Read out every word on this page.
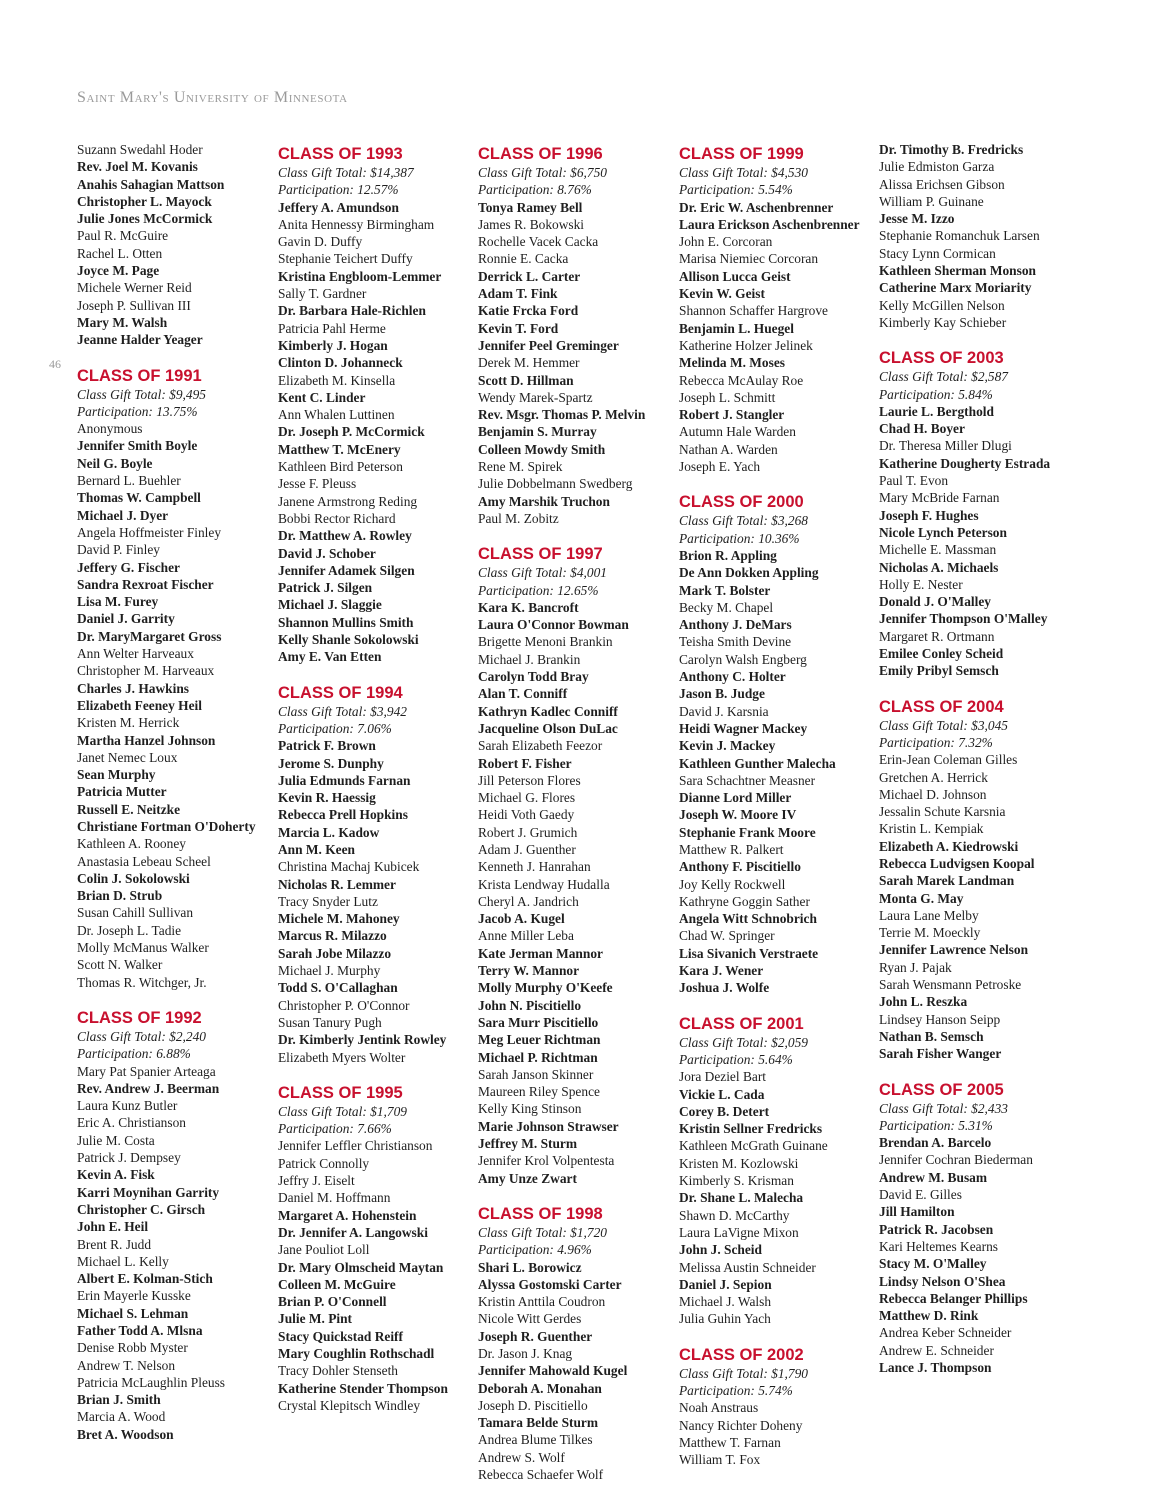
Saint Mary's University of Minnesota
46
Suzann Swedahl Hoder
Rev. Joel M. Kovanis
Anahis Sahagian Mattson
Christopher L. Mayock
Julie Jones McCormick
Paul R. McGuire
Rachel L. Otten
Joyce M. Page
Michele Werner Reid
Joseph P. Sullivan III
Mary M. Walsh
Jeanne Halder Yeager
CLASS OF 1991
Class Gift Total: $9,495
Participation: 13.75%
Anonymous
Jennifer Smith Boyle
Neil G. Boyle
Bernard L. Buehler
Thomas W. Campbell
Michael J. Dyer
Angela Hoffmeister Finley
David P. Finley
Jeffery G. Fischer
Sandra Rexroat Fischer
Lisa M. Furey
Daniel J. Garrity
Dr. MaryMargaret Gross
Ann Welter Harveaux
Christopher M. Harveaux
Charles J. Hawkins
Elizabeth Feeney Heil
Kristen M. Herrick
Martha Hanzel Johnson
Janet Nemec Loux
Sean Murphy
Patricia Mutter
Russell E. Neitzke
Christiane Fortman O'Doherty
Kathleen A. Rooney
Anastasia Lebeau Scheel
Colin J. Sokolowski
Brian D. Strub
Susan Cahill Sullivan
Dr. Joseph L. Tadie
Molly McManus Walker
Scott N. Walker
Thomas R. Witchger, Jr.
CLASS OF 1992
Class Gift Total: $2,240
Participation: 6.88%
Mary Pat Spanier Arteaga
Rev. Andrew J. Beerman
Laura Kunz Butler
Eric A. Christianson
Julie M. Costa
Patrick J. Dempsey
Kevin A. Fisk
Karri Moynihan Garrity
Christopher C. Girsch
John E. Heil
Brent R. Judd
Michael L. Kelly
Albert E. Kolman-Stich
Erin Mayerle Kusske
Michael S. Lehman
Father Todd A. Mlsna
Denise Robb Myster
Andrew T. Nelson
Patricia McLaughlin Pleuss
Brian J. Smith
Marcia A. Wood
Bret A. Woodson
CLASS OF 1993
Class Gift Total: $14,387
Participation: 12.57%
Jeffery A. Amundson
Anita Hennessy Birmingham
Gavin D. Duffy
Stephanie Teichert Duffy
Kristina Engbloom-Lemmer
Sally T. Gardner
Dr. Barbara Hale-Richlen
Patricia Pahl Herme
Kimberly J. Hogan
Clinton D. Johanneck
Elizabeth M. Kinsella
Kent C. Linder
Ann Whalen Luttinen
Dr. Joseph P. McCormick
Matthew T. McEnery
Kathleen Bird Peterson
Jesse F. Pleuss
Janene Armstrong Reding
Bobbi Rector Richard
Dr. Matthew A. Rowley
David J. Schober
Jennifer Adamek Silgen
Patrick J. Silgen
Michael J. Slaggie
Shannon Mullins Smith
Kelly Shanle Sokolowski
Amy E. Van Etten
CLASS OF 1994
Class Gift Total: $3,942
Participation: 7.06%
Patrick F. Brown
Jerome S. Dunphy
Julia Edmunds Farnan
Kevin R. Haessig
Rebecca Prell Hopkins
Marcia L. Kadow
Ann M. Keen
Christina Machaj Kubicek
Nicholas R. Lemmer
Tracy Snyder Lutz
Michele M. Mahoney
Marcus R. Milazzo
Sarah Jobe Milazzo
Michael J. Murphy
Todd S. O'Callaghan
Christopher P. O'Connor
Susan Tanury Pugh
Dr. Kimberly Jentink Rowley
Elizabeth Myers Wolter
CLASS OF 1995
Class Gift Total: $1,709
Participation: 7.66%
Jennifer Leffler Christianson
Patrick Connolly
Jeffry J. Eiselt
Daniel M. Hoffmann
Margaret A. Hohenstein
Dr. Jennifer A. Langowski
Jane Pouliot Loll
Dr. Mary Olmscheid Maytan
Colleen M. McGuire
Brian P. O'Connell
Julie M. Pint
Stacy Quickstad Reiff
Mary Coughlin Rothschadl
Tracy Dohler Stenseth
Katherine Stender Thompson
Crystal Klepitsch Windley
CLASS OF 1996
Class Gift Total: $6,750
Participation: 8.76%
Tonya Ramey Bell
James R. Bokowski
Rochelle Vacek Cacka
Ronnie E. Cacka
Derrick L. Carter
Adam T. Fink
Katie Frcka Ford
Kevin T. Ford
Jennifer Peel Greminger
Derek M. Hemmer
Scott D. Hillman
Wendy Marek-Spartz
Rev. Msgr. Thomas P. Melvin
Benjamin S. Murray
Colleen Mowdy Smith
Rene M. Spirek
Julie Dobbelmann Swedberg
Amy Marshik Truchon
Paul M. Zobitz
CLASS OF 1997
Class Gift Total: $4,001
Participation: 12.65%
Kara K. Bancroft
Laura O'Connor Bowman
Brigette Menoni Brankin
Michael J. Brankin
Carolyn Todd Bray
Alan T. Conniff
Kathryn Kadlec Conniff
Jacqueline Olson DuLac
Sarah Elizabeth Feezor
Robert F. Fisher
Jill Peterson Flores
Michael G. Flores
Heidi Voth Gaedy
Robert J. Grumich
Adam J. Guenther
Kenneth J. Hanrahan
Krista Lendway Hudalla
Cheryl A. Jandrich
Jacob A. Kugel
Anne Miller Leba
Kate Jerman Mannor
Terry W. Mannor
Molly Murphy O'Keefe
John N. Piscitiello
Sara Murr Piscitiello
Meg Leuer Richtman
Michael P. Richtman
Sarah Janson Skinner
Maureen Riley Spence
Kelly King Stinson
Marie Johnson Strawser
Jeffrey M. Sturm
Jennifer Krol Volpentesta
Amy Unze Zwart
CLASS OF 1998
Class Gift Total: $1,720
Participation: 4.96%
Shari L. Borowicz
Alyssa Gostomski Carter
Kristin Anttila Coudron
Nicole Witt Gerdes
Joseph R. Guenther
Dr. Jason J. Knag
Jennifer Mahowald Kugel
Deborah A. Monahan
Joseph D. Piscitiello
Tamara Belde Sturm
Andrea Blume Tilkes
Andrew S. Wolf
Rebecca Schaefer Wolf
CLASS OF 1999
Class Gift Total: $4,530
Participation: 5.54%
Dr. Eric W. Aschenbrenner
Laura Erickson Aschenbrenner
John E. Corcoran
Marisa Niemiec Corcoran
Allison Lucca Geist
Kevin W. Geist
Shannon Schaffer Hargrove
Benjamin L. Huegel
Katherine Holzer Jelinek
Melinda M. Moses
Rebecca McAulay Roe
Joseph L. Schmitt
Robert J. Stangler
Autumn Hale Warden
Nathan A. Warden
Joseph E. Yach
CLASS OF 2000
Class Gift Total: $3,268
Participation: 10.36%
Brion R. Appling
De Ann Dokken Appling
Mark T. Bolster
Becky M. Chapel
Anthony J. DeMars
Teisha Smith Devine
Carolyn Walsh Engberg
Anthony C. Holter
Jason B. Judge
David J. Karsnia
Heidi Wagner Mackey
Kevin J. Mackey
Kathleen Gunther Malecha
Sara Schachtner Measner
Dianne Lord Miller
Joseph W. Moore IV
Stephanie Frank Moore
Matthew R. Palkert
Anthony F. Piscitiello
Joy Kelly Rockwell
Kathryne Goggin Sather
Angela Witt Schnobrich
Chad W. Springer
Lisa Sivanich Verstraete
Kara J. Wener
Joshua J. Wolfe
CLASS OF 2001
Class Gift Total: $2,059
Participation: 5.64%
Jora Deziel Bart
Vickie L. Cada
Corey B. Detert
Kristin Sellner Fredricks
Kathleen McGrath Guinane
Kristen M. Kozlowski
Kimberly S. Krisman
Dr. Shane L. Malecha
Shawn D. McCarthy
Laura LaVigne Mixon
John J. Scheid
Melissa Austin Schneider
Daniel J. Sepion
Michael J. Walsh
Julia Guhin Yach
CLASS OF 2002
Class Gift Total: $1,790
Participation: 5.74%
Noah Anstraus
Nancy Richter Doheny
Matthew T. Farnan
William T. Fox
Dr. Timothy B. Fredricks
Julie Edmiston Garza
Alissa Erichsen Gibson
William P. Guinane
Jesse M. Izzo
Stephanie Romanchuk Larsen
Stacy Lynn Cormican
Kathleen Sherman Monson
Catherine Marx Moriarity
Kelly McGillen Nelson
Kimberly Kay Schieber
CLASS OF 2003
Class Gift Total: $2,587
Participation: 5.84%
Laurie L. Bergthold
Chad H. Boyer
Dr. Theresa Miller Dlugi
Katherine Dougherty Estrada
Paul T. Evon
Mary McBride Farnan
Joseph F. Hughes
Nicole Lynch Peterson
Michelle E. Massman
Nicholas A. Michaels
Holly E. Nester
Donald J. O'Malley
Jennifer Thompson O'Malley
Margaret R. Ortmann
Emilee Conley Scheid
Emily Pribyl Semsch
CLASS OF 2004
Class Gift Total: $3,045
Participation: 7.32%
Erin-Jean Coleman Gilles
Gretchen A. Herrick
Michael D. Johnson
Jessalin Schute Karsnia
Kristin L. Kempiak
Elizabeth A. Kiedrowski
Rebecca Ludvigsen Koopal
Sarah Marek Landman
Monta G. May
Laura Lane Melby
Terrie M. Moeckly
Jennifer Lawrence Nelson
Ryan J. Pajak
Sarah Wensmann Petroske
John L. Reszka
Lindsey Hanson Seipp
Nathan B. Semsch
Sarah Fisher Wanger
CLASS OF 2005
Class Gift Total: $2,433
Participation: 5.31%
Brendan A. Barcelo
Jennifer Cochran Biederman
Andrew M. Busam
David E. Gilles
Jill Hamilton
Patrick R. Jacobsen
Kari Heltemes Kearns
Stacy M. O'Malley
Lindsy Nelson O'Shea
Rebecca Belanger Phillips
Matthew D. Rink
Andrea Keber Schneider
Andrew E. Schneider
Lance J. Thompson
